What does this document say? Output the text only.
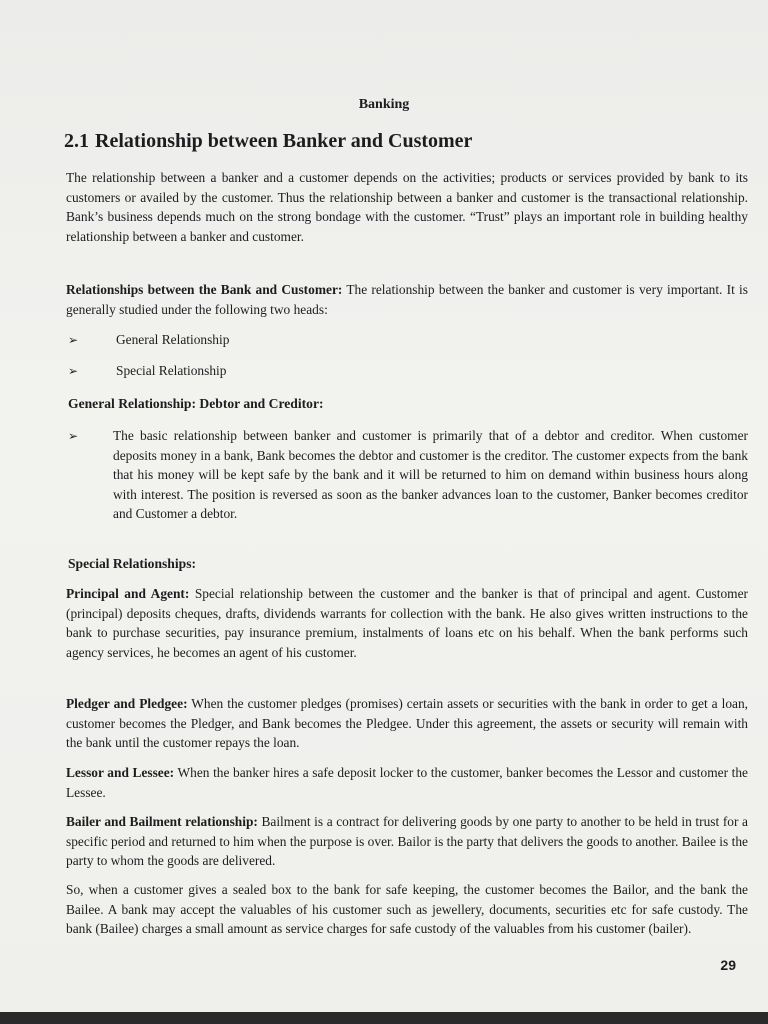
Banking
2.1 Relationship between Banker and Customer
The relationship between a banker and a customer depends on the activities; products or services provided by bank to its customers or availed by the customer. Thus the relationship between a banker and customer is the transactional relationship. Bank’s business depends much on the strong bondage with the customer. “Trust” plays an important role in building healthy relationship between a banker and customer.
Relationships between the Bank and Customer: The relationship between the banker and customer is very important. It is generally studied under the following two heads:
➢	General Relationship
➢	Special Relationship
General Relationship: Debtor and Creditor:
➢	The basic relationship between banker and customer is primarily that of a debtor and creditor. When customer deposits money in a bank, Bank becomes the debtor and customer is the creditor. The customer expects from the bank that his money will be kept safe by the bank and it will be returned to him on demand within business hours along with interest. The position is reversed as soon as the banker advances loan to the customer, Banker becomes creditor and Customer a debtor.
Special Relationships:
Principal and Agent: Special relationship between the customer and the banker is that of principal and agent. Customer (principal) deposits cheques, drafts, dividends warrants for collection with the bank. He also gives written instructions to the bank to purchase securities, pay insurance premium, instalments of loans etc on his behalf. When the bank performs such agency services, he becomes an agent of his customer.
Pledger and Pledgee: When the customer pledges (promises) certain assets or securities with the bank in order to get a loan, customer becomes the Pledger, and Bank becomes the Pledgee. Under this agreement, the assets or security will remain with the bank until the customer repays the loan.
Lessor and Lessee: When the banker hires a safe deposit locker to the customer, banker becomes the Lessor and customer the Lessee.
Bailer and Bailment relationship: Bailment is a contract for delivering goods by one party to another to be held in trust for a specific period and returned to him when the purpose is over. Bailor is the party that delivers the goods to another. Bailee is the party to whom the goods are delivered.
So, when a customer gives a sealed box to the bank for safe keeping, the customer becomes the Bailor, and the bank the Bailee. A bank may accept the valuables of his customer such as jewellery, documents, securities etc for safe custody. The bank (Bailee) charges a small amount as service charges for safe custody of the valuables from his customer (bailer).
29
